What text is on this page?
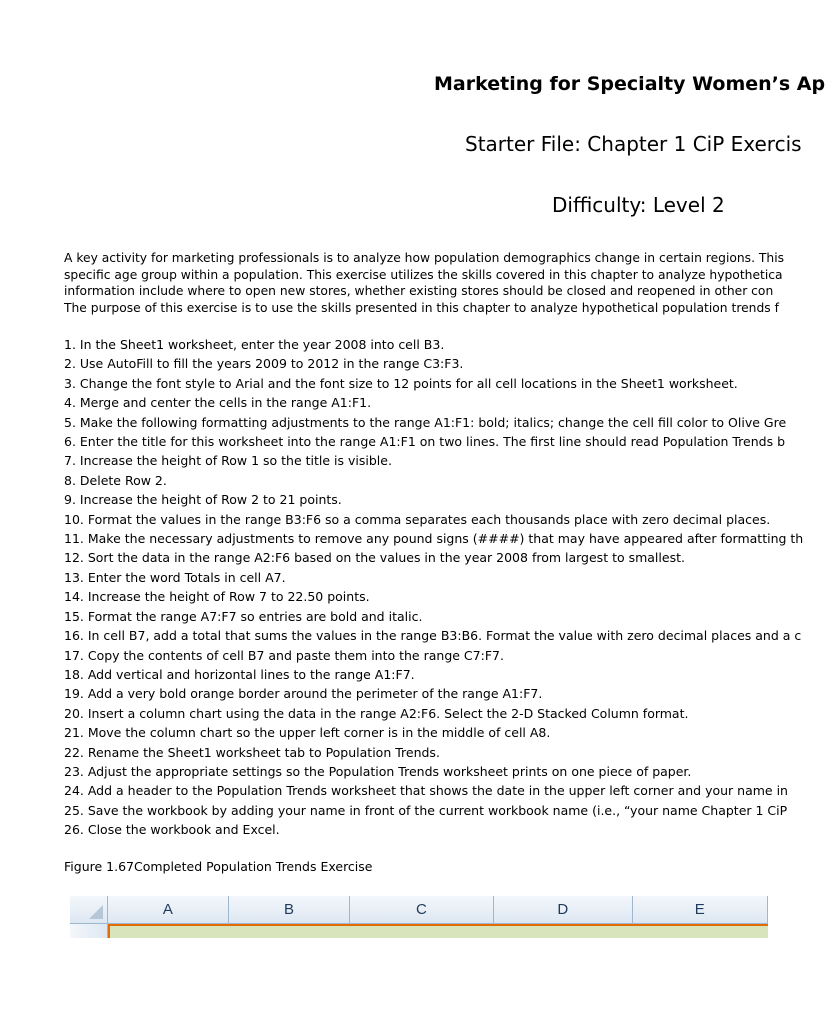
Marketing for Specialty Women’s Ap
Starter File: Chapter 1 CiP Exercis
Difficulty: Level 2
A key activity for marketing professionals is to analyze how population demographics change in certain regions. This
specific age group within a population. This exercise utilizes the skills covered in this chapter to analyze hypothetica
information include where to open new stores, whether existing stores should be closed and reopened in other con
The purpose of this exercise is to use the skills presented in this chapter to analyze hypothetical population trends f
1. In the Sheet1 worksheet, enter the year 2008 into cell B3.
2. Use AutoFill to fill the years 2009 to 2012 in the range C3:F3.
3. Change the font style to Arial and the font size to 12 points for all cell locations in the Sheet1 worksheet.
4. Merge and center the cells in the range A1:F1.
5. Make the following formatting adjustments to the range A1:F1: bold; italics; change the cell fill color to Olive Gre
6. Enter the title for this worksheet into the range A1:F1 on two lines. The first line should read Population Trends b
7. Increase the height of Row 1 so the title is visible.
8. Delete Row 2.
9. Increase the height of Row 2 to 21 points.
10. Format the values in the range B3:F6 so a comma separates each thousands place with zero decimal places.
11. Make the necessary adjustments to remove any pound signs (####) that may have appeared after formatting th
12. Sort the data in the range A2:F6 based on the values in the year 2008 from largest to smallest.
13. Enter the word Totals in cell A7.
14. Increase the height of Row 7 to 22.50 points.
15. Format the range A7:F7 so entries are bold and italic.
16. In cell B7, add a total that sums the values in the range B3:B6. Format the value with zero decimal places and a c
17. Copy the contents of cell B7 and paste them into the range C7:F7.
18. Add vertical and horizontal lines to the range A1:F7.
19. Add a very bold orange border around the perimeter of the range A1:F7.
20. Insert a column chart using the data in the range A2:F6. Select the 2-D Stacked Column format.
21. Move the column chart so the upper left corner is in the middle of cell A8.
22. Rename the Sheet1 worksheet tab to Population Trends.
23. Adjust the appropriate settings so the Population Trends worksheet prints on one piece of paper.
24. Add a header to the Population Trends worksheet that shows the date in the upper left corner and your name in
25. Save the workbook by adding your name in front of the current workbook name (i.e., “your name Chapter 1 CiP
26. Close the workbook and Excel.
Figure 1.67Completed Population Trends Exercise
A	B	C	D	E
